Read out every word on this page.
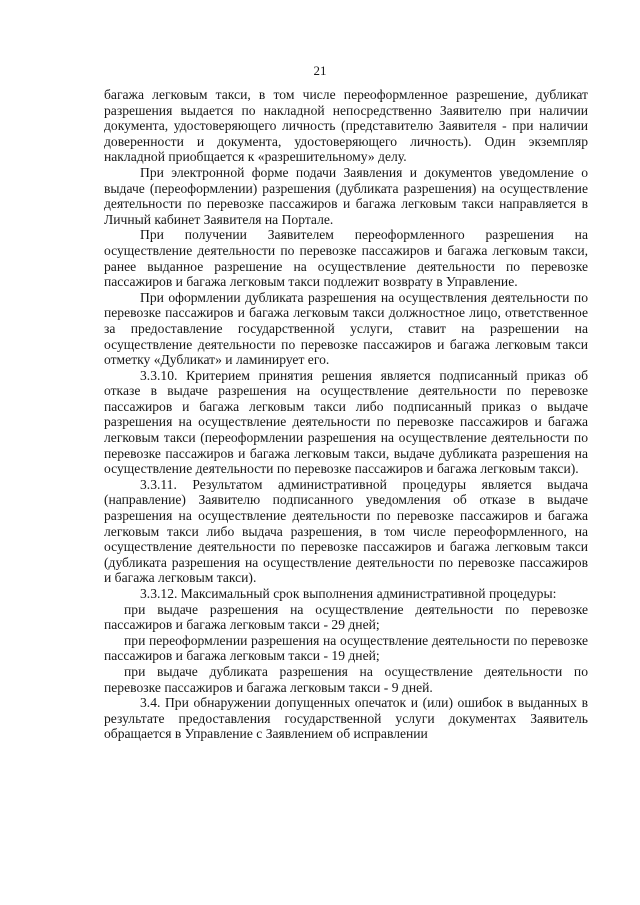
21

багажа легковым такси, в том числе переоформленное разрешение, дубликат разрешения выдается по накладной непосредственно Заявителю при наличии документа, удостоверяющего личность (представителю Заявителя - при наличии доверенности и документа, удостоверяющего личность). Один экземпляр накладной приобщается к «разрешительному» делу.

При электронной форме подачи Заявления и документов уведомление о выдаче (переоформлении) разрешения (дубликата разрешения) на осуществление деятельности по перевозке пассажиров и багажа легковым такси направляется в Личный кабинет Заявителя на Портале.

При получении Заявителем переоформленного разрешения на осуществление деятельности по перевозке пассажиров и багажа легковым такси, ранее выданное разрешение на осуществление деятельности по перевозке пассажиров и багажа легковым такси подлежит возврату в Управление.

При оформлении дубликата разрешения на осуществления деятельности по перевозке пассажиров и багажа легковым такси должностное лицо, ответственное за предоставление государственной услуги, ставит на разрешении на осуществление деятельности по перевозке пассажиров и багажа легковым такси отметку «Дубликат» и ламинирует его.

3.3.10. Критерием принятия решения является подписанный приказ об отказе в выдаче разрешения на осуществление деятельности по перевозке пассажиров и багажа легковым такси либо подписанный приказ о выдаче разрешения на осуществление деятельности по перевозке пассажиров и багажа легковым такси (переоформлении разрешения на осуществление деятельности по перевозке пассажиров и багажа легковым такси, выдаче дубликата разрешения на осуществление деятельности по перевозке пассажиров и багажа легковым такси).

3.3.11. Результатом административной процедуры является выдача (направление) Заявителю подписанного уведомления об отказе в выдаче разрешения на осуществление деятельности по перевозке пассажиров и багажа легковым такси либо выдача разрешения, в том числе переоформленного, на осуществление деятельности по перевозке пассажиров и багажа легковым такси (дубликата разрешения на осуществление деятельности по перевозке пассажиров и багажа легковым такси).

3.3.12. Максимальный срок выполнения административной процедуры:

при выдаче разрешения на осуществление деятельности по перевозке пассажиров и багажа легковым такси - 29 дней;

при переоформлении разрешения на осуществление деятельности по перевозке пассажиров и багажа легковым такси - 19 дней;

при выдаче дубликата разрешения на осуществление деятельности по перевозке пассажиров и багажа легковым такси - 9 дней.

3.4. При обнаружении допущенных опечаток и (или) ошибок в выданных в результате предоставления государственной услуги документах Заявитель обращается в Управление с Заявлением об исправлении
